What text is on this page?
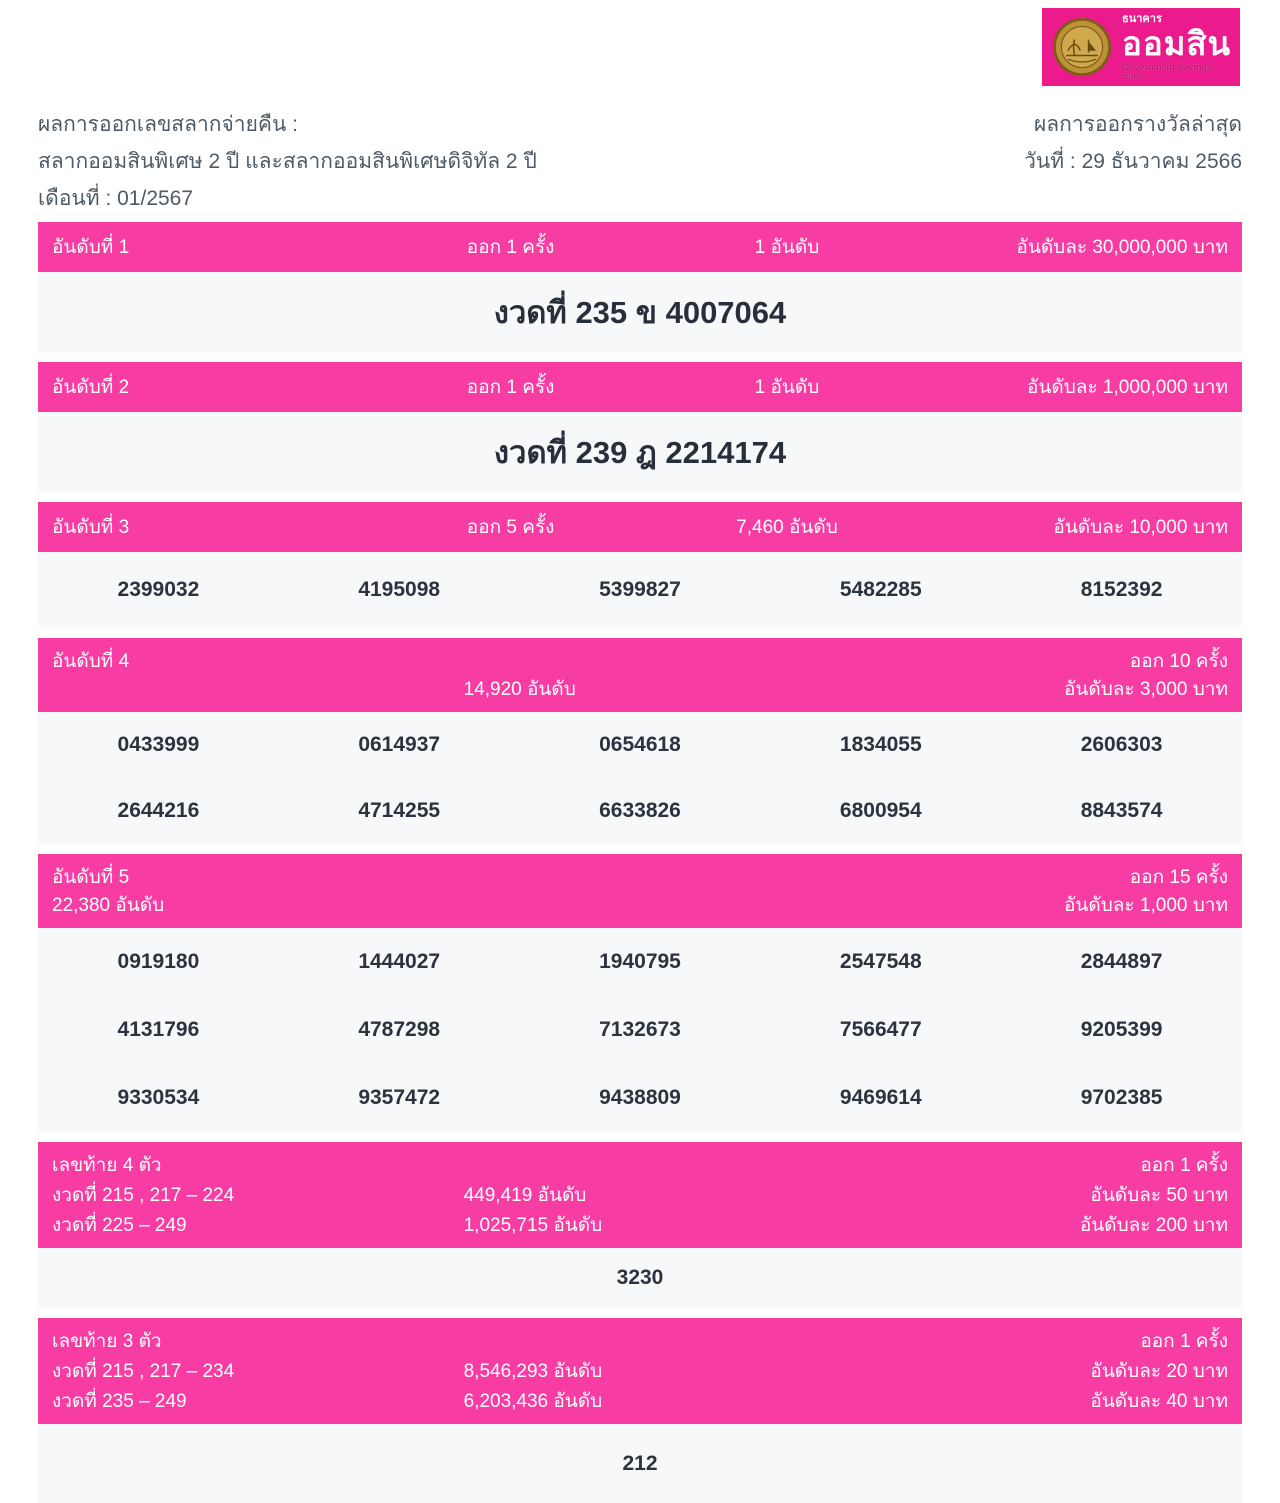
ธนาคาร
ออมสิน
Government Savings Bank
ผลการออกเลขสลากจ่ายคืน :
สลากออมสินพิเศษ 2 ปี และสลากออมสินพิเศษดิจิทัล 2 ปี
เดือนที่ : 01/2567
ผลการออกรางวัลล่าสุด
วันที่ : 29 ธันวาคม 2566
อันดับที่ 1	ออก 1 ครั้ง	1 อันดับ	อันดับละ 30,000,000 บาท
งวดที่ 235 ข 4007064
อันดับที่ 2	ออก 1 ครั้ง	1 อันดับ	อันดับละ 1,000,000 บาท
งวดที่ 239 ฎ 2214174
อันดับที่ 3	ออก 5 ครั้ง	7,460 อันดับ	อันดับละ 10,000 บาท
2399032	4195098	5399827	5482285	8152392
อันดับที่ 4	ออก 10 ครั้ง
14,920 อันดับ	อันดับละ 3,000 บาท
0433999	0614937	0654618	1834055	2606303
2644216	4714255	6633826	6800954	8843574
อันดับที่ 5	ออก 15 ครั้ง
22,380 อันดับ	อันดับละ 1,000 บาท
0919180	1444027	1940795	2547548	2844897
4131796	4787298	7132673	7566477	9205399
9330534	9357472	9438809	9469614	9702385
เลขท้าย 4 ตัว	ออก 1 ครั้ง
งวดที่ 215 , 217 – 224	449,419 อันดับ	อันดับละ 50 บาท
งวดที่ 225 – 249	1,025,715 อันดับ	อันดับละ 200 บาท
3230
เลขท้าย 3 ตัว	ออก 1 ครั้ง
งวดที่ 215 , 217 – 234	8,546,293 อันดับ	อันดับละ 20 บาท
งวดที่ 235 – 249	6,203,436 อันดับ	อันดับละ 40 บาท
212
